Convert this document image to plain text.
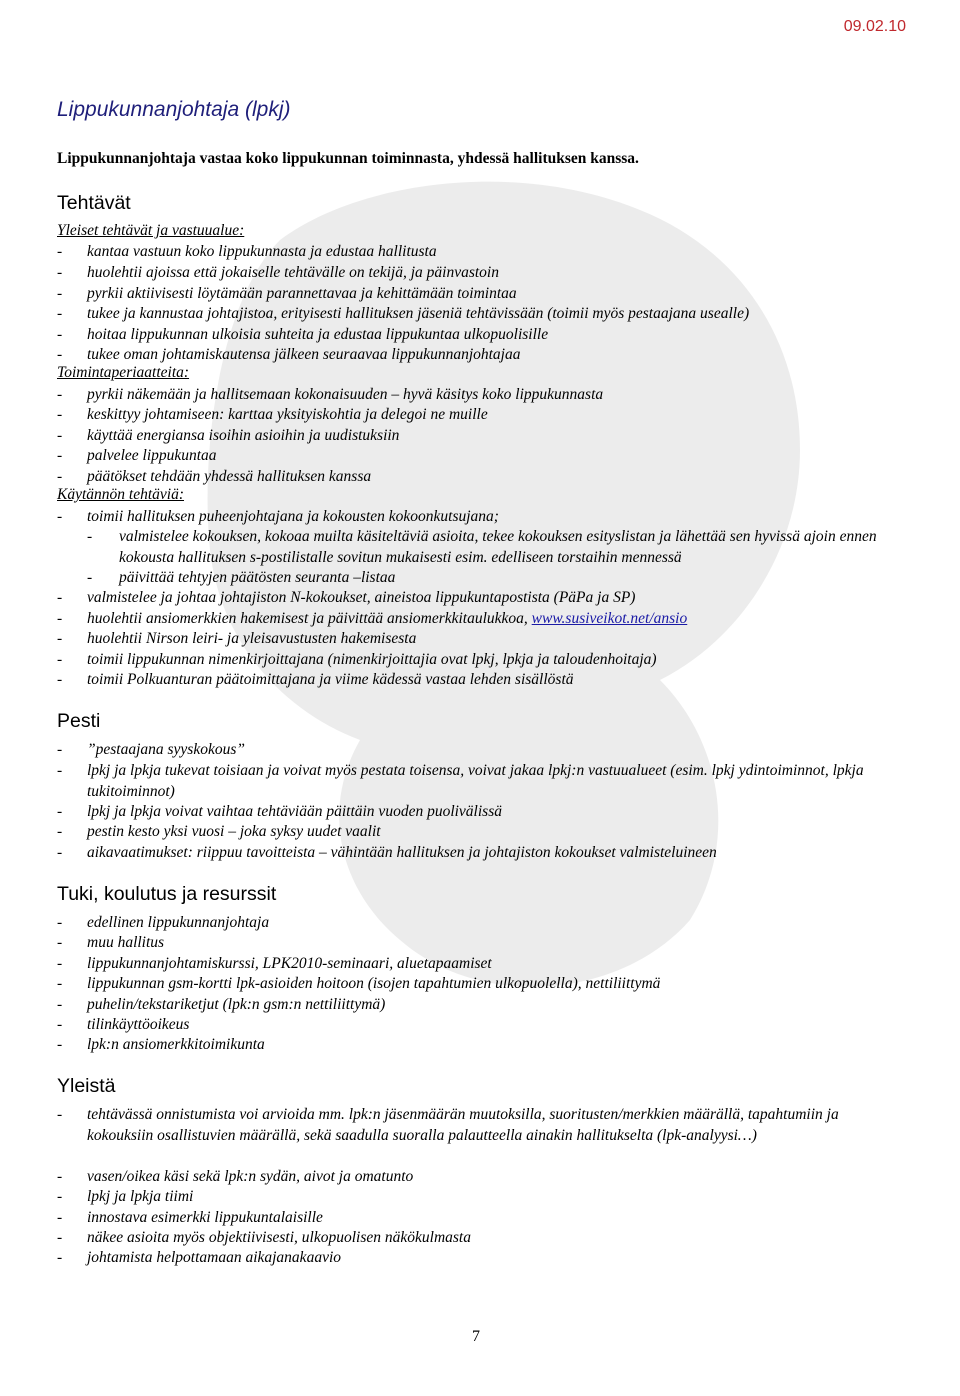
09.02.10
Lippukunnanjohtaja (lpkj)
Lippukunnanjohtaja vastaa koko lippukunnan toiminnasta, yhdessä hallituksen kanssa.
Tehtävät
Yleiset tehtävät ja vastuualue:
- kantaa vastuun koko lippukunnasta ja edustaa hallitusta
- huolehtii ajoissa että jokaiselle tehtävälle on tekijä, ja päinvastoin
- pyrkii aktiivisesti löytämään parannettavaa ja kehittämään toimintaa
- tukee ja kannustaa johtajistoa, erityisesti hallituksen jäseniä tehtävissään (toimii myös pestaajana usealle)
- hoitaa lippukunnan ulkoisia suhteita ja edustaa lippukuntaa ulkopuolisille
- tukee oman johtamiskautensa jälkeen seuraavaa lippukunnanjohtajaa
Toimintaperiaatteita:
- pyrkii näkemään ja hallitsemaan kokonaisuuden – hyvä käsitys koko lippukunnasta
- keskittyy johtamiseen: karttaa yksityiskohtia ja delegoi ne muille
- käyttää energiansa isoihin asioihin ja uudistuksiin
- palvelee lippukuntaa
- päätökset tehdään yhdessä hallituksen kanssa
Käytännön tehtäviä:
- toimii hallituksen puheenjohtajana ja kokousten kokoonkutsujana;
- valmistelee kokouksen, kokoaa muilta käsiteltäviä asioita, tekee kokouksen esityslistan ja lähettää sen hyvissä ajoin ennen kokousta hallituksen s-postilistalle sovitun mukaisesti esim. edelliseen torstaihin mennessä
- päivittää tehtyjen päätösten seuranta –listaa
- valmistelee ja johtaa johtajiston N-kokoukset, aineistoa lippukuntapostista (PäPa ja SP)
- huolehtii ansiomerkkien hakemisest ja päivittää ansiomerkkitaulukkoa, www.susiveikot.net/ansio
- huolehtii Nirson leiri- ja yleisavustusten hakemisesta
- toimii lippukunnan nimenkirjoittajana (nimenkirjoittajia ovat lpkj, lpkja ja taloudenhoitaja)
- toimii Polkuanturan päätoimittajana ja viime kädessä vastaa lehden sisällöstä
Pesti
- ”pestaajana syyskokous”
- lpkj ja lpkja tukevat toisiaan ja voivat myös pestata toisensa, voivat jakaa lpkj:n vastuualueet (esim. lpkj ydintoiminnot, lpkja tukitoiminnot)
- lpkj ja lpkja voivat vaihtaa tehtäviään päittäin vuoden puolivälissä
- pestin kesto yksi vuosi – joka syksy uudet vaalit
- aikavaatimukset: riippuu tavoitteista – vähintään hallituksen ja johtajiston kokoukset valmisteluineen
Tuki, koulutus ja resurssit
- edellinen lippukunnanjohtaja
- muu hallitus
- lippukunnanjohtamiskurssi, LPK2010-seminaari, aluetapaamiset
- lippukunnan gsm-kortti lpk-asioiden hoitoon (isojen tapahtumien ulkopuolella), nettiliittymä
- puhelin/tekstariketjut (lpk:n gsm:n nettiliittymä)
- tilinkäyttöoikeus
- lpk:n ansiomerkkitoimikunta
Yleistä
- tehtävässä onnistumista voi arvioida mm. lpk:n jäsenmäärän muutoksilla, suoritusten/merkkien määrällä, tapahtumiin ja kokouksiin osallistuvien määrällä, sekä saadulla suoralla palautteella ainakin hallitukselta (lpk-analyysi…)
- vasen/oikea käsi sekä lpk:n sydän, aivot ja omatunto
- lpkj ja lpkja tiimi
- innostava esimerkki lippukuntalaisille
- näkee asioita myös objektiivisesti, ulkopuolisen näkökulmasta
- johtamista helpottamaan aikajanakaavio
7
